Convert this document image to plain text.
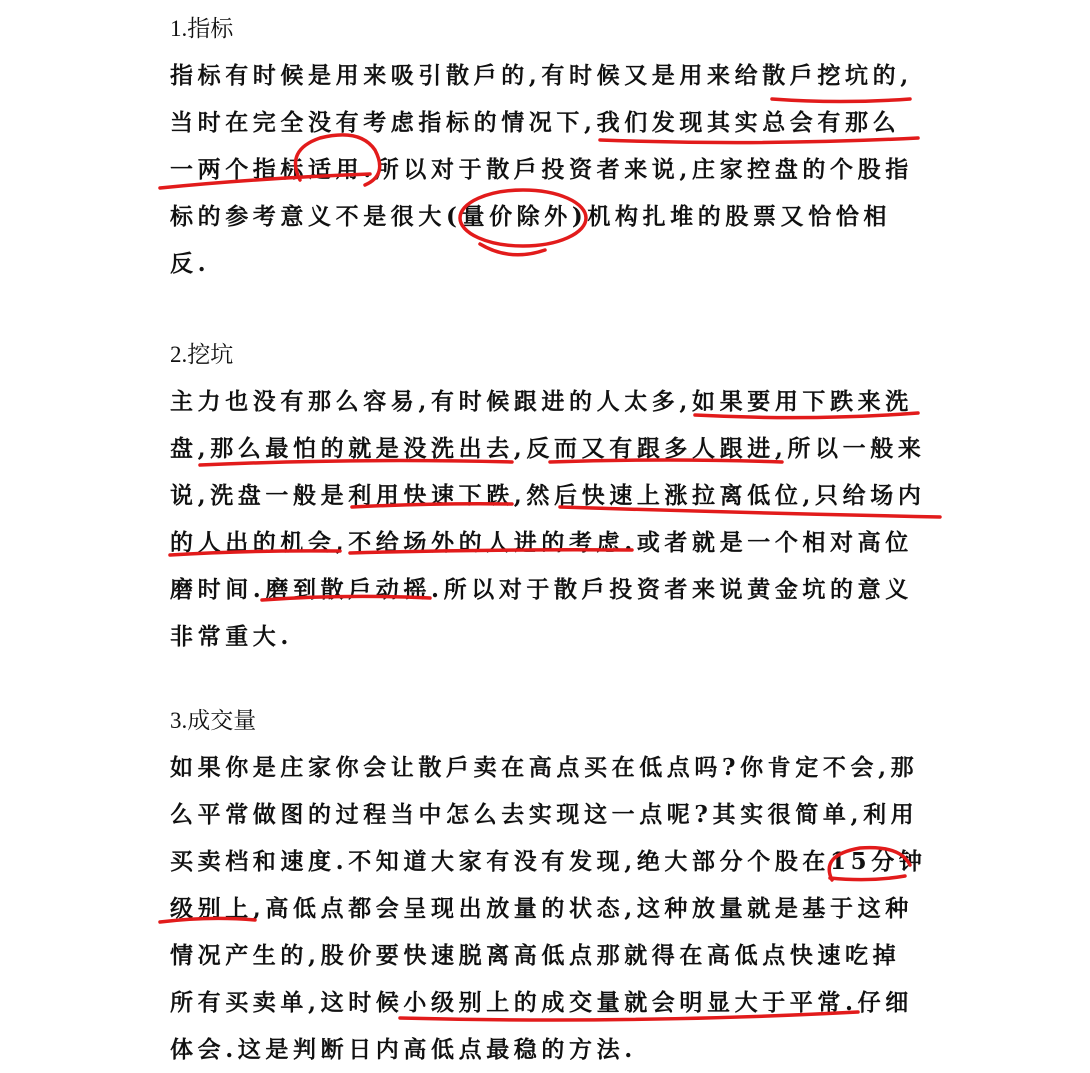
1.指标
指标有时候是用来吸引散戶的,有时候又是用来给散戶挖坑的,
当时在完全没有考虑指标的情况下,我们发现其实总会有那么
一两个指标适用.所以对于散戶投资者来说,庄家控盘的个股指
标的参考意义不是很大(量价除外)机构扎堆的股票又恰恰相
反.
2.挖坑
主力也没有那么容易,有时候跟进的人太多,如果要用下跌来洗
盘,那么最怕的就是没洗出去,反而又有跟多人跟进,所以一般来
说,洗盘一般是利用快速下跌,然后快速上涨拉离低位,只给场内
的人出的机会,不给场外的人进的考虑.或者就是一个相对高位
磨时间.磨到散戶动摇.所以对于散戶投资者来说黄金坑的意义
非常重大.
3.成交量
如果你是庄家你会让散戶卖在高点买在低点吗?你肯定不会,那
么平常做图的过程当中怎么去实现这一点呢?其实很简单,利用
买卖档和速度.不知道大家有没有发现,绝大部分个股在15分钟
级别上,高低点都会呈现出放量的状态,这种放量就是基于这种
情况产生的,股价要快速脱离高低点那就得在高低点快速吃掉
所有买卖单,这时候小级别上的成交量就会明显大于平常.仔细
体会.这是判断日内高低点最稳的方法.
